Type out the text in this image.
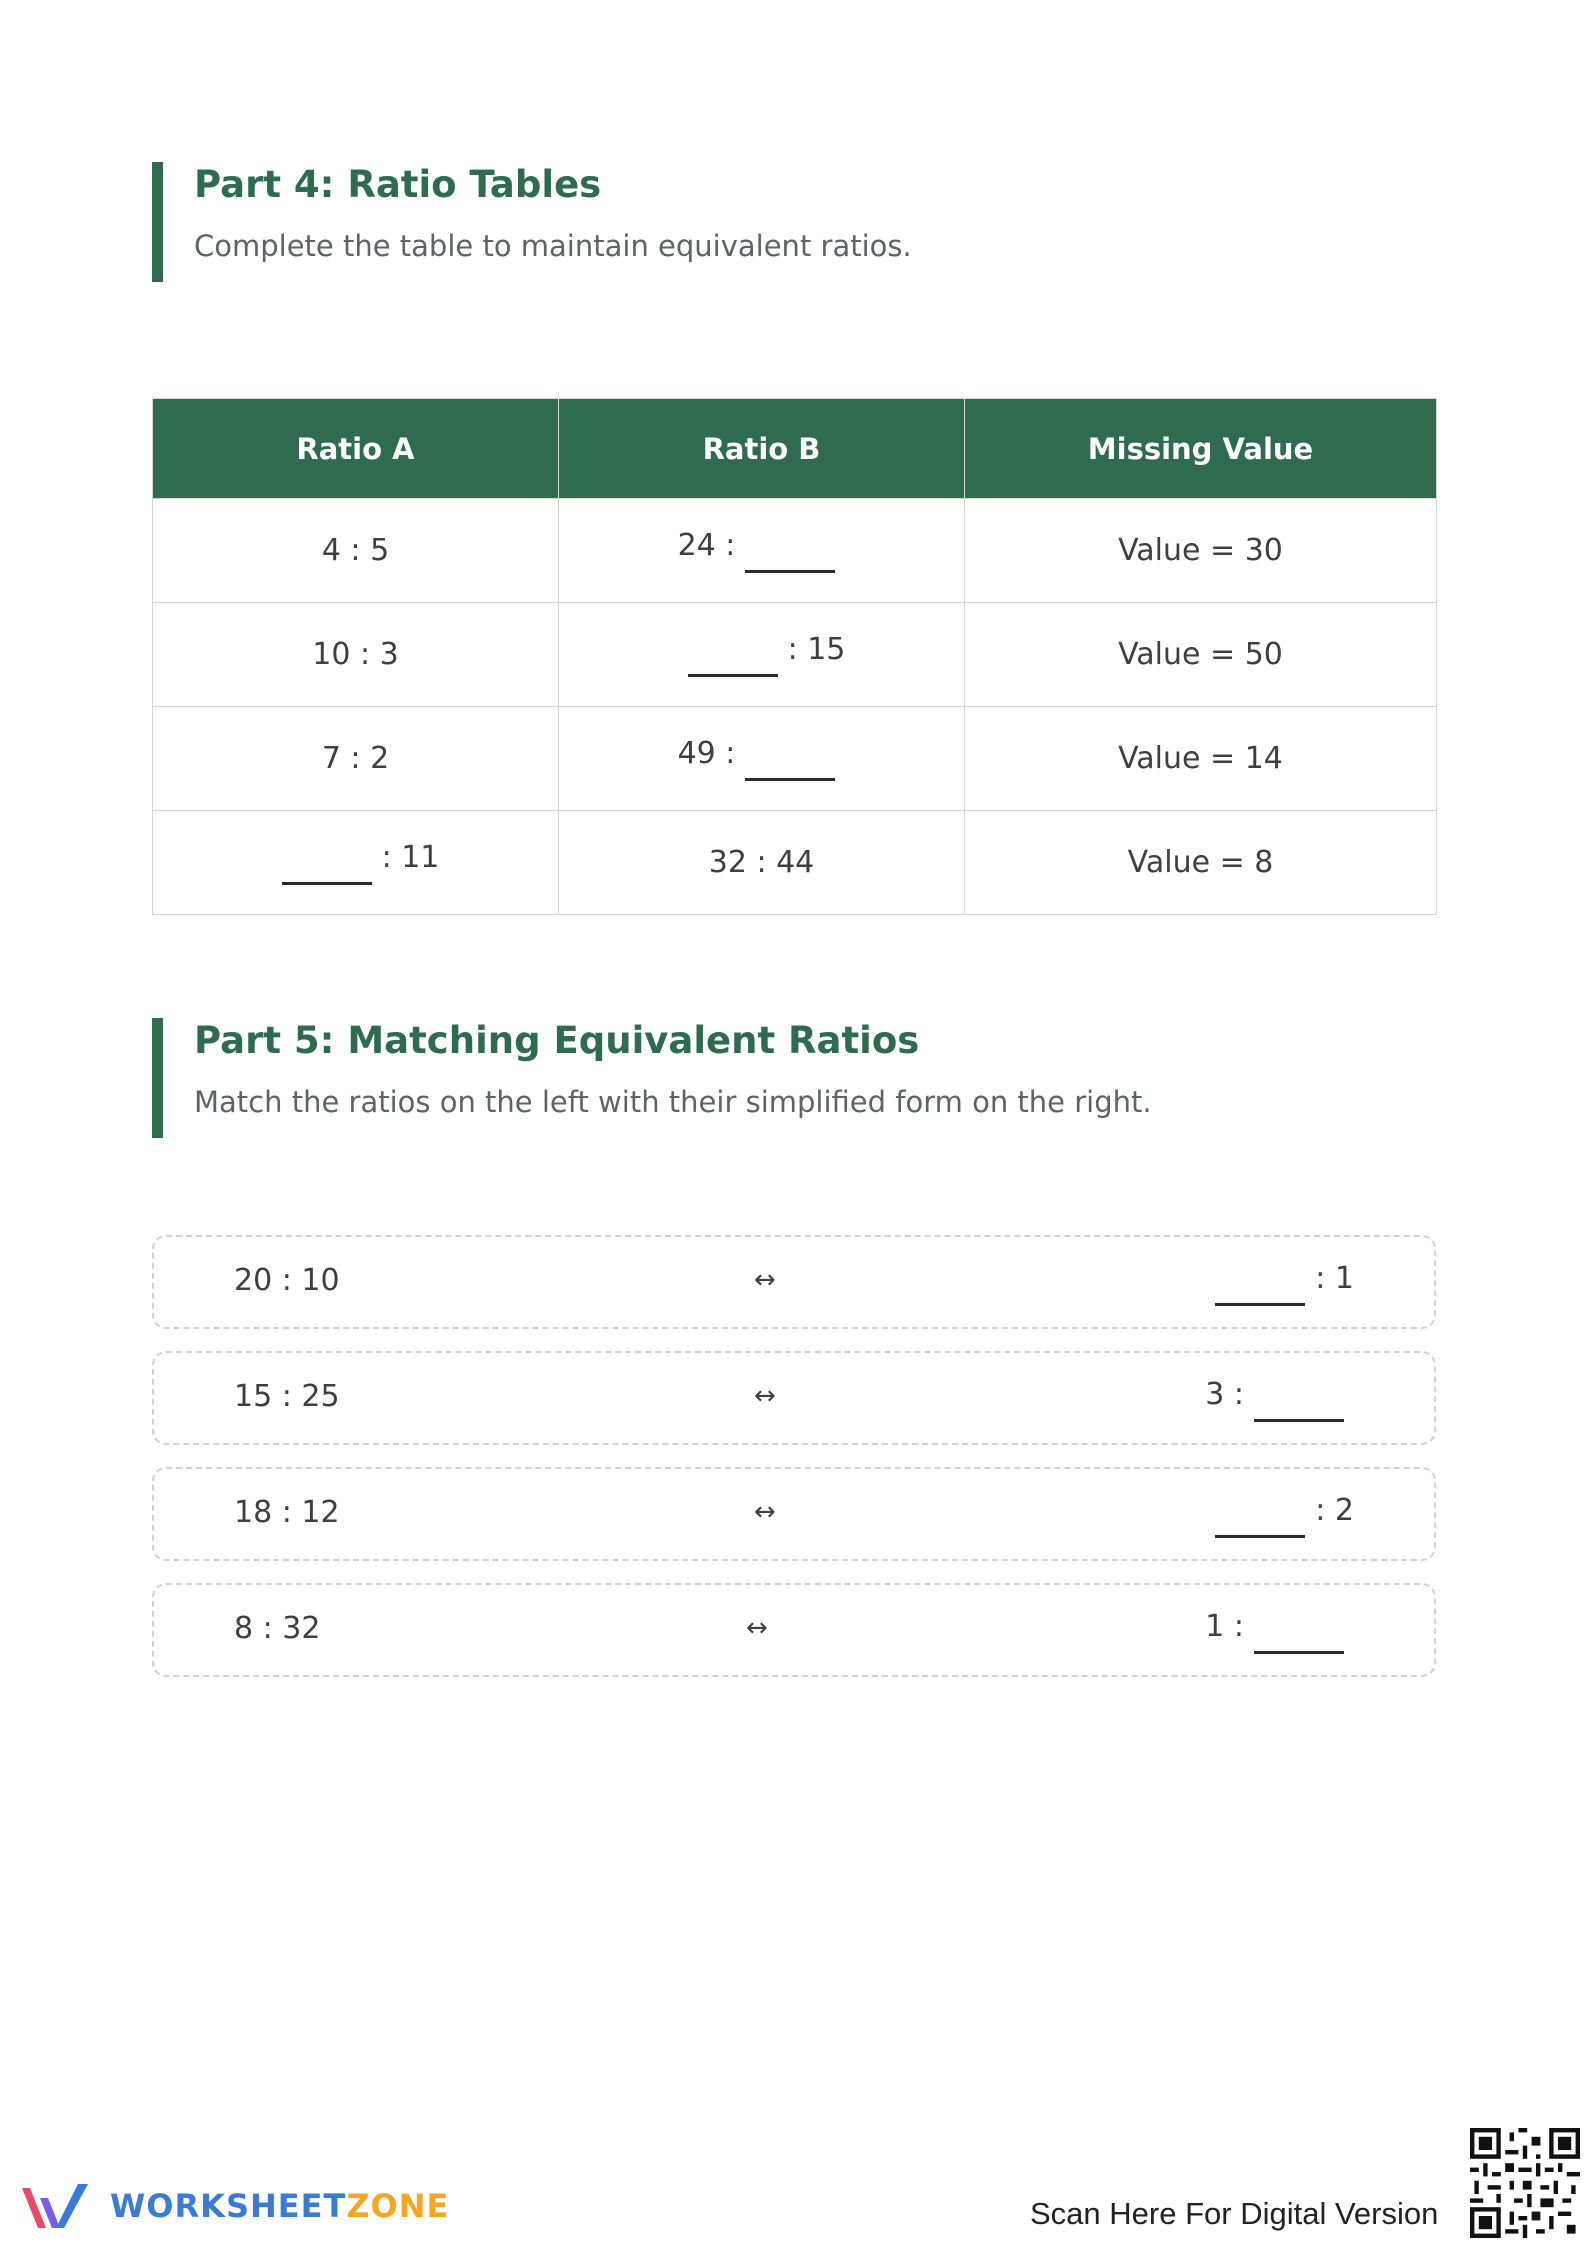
Part 4: Ratio Tables
Complete the table to maintain equivalent ratios.
Ratio A	Ratio B	Missing Value
4 : 5	24 :	Value = 30
10 : 3	: 15	Value = 50
7 : 2	49 :	Value = 14
: 11	32 : 44	Value = 8
Part 5: Matching Equivalent Ratios
Match the ratios on the left with their simplified form on the right.
20 : 10	↔	: 1
15 : 25	↔	3 :
18 : 12	↔	: 2
8 : 32	↔	1 :
WORKSHEETZONE	Scan Here For Digital Version
